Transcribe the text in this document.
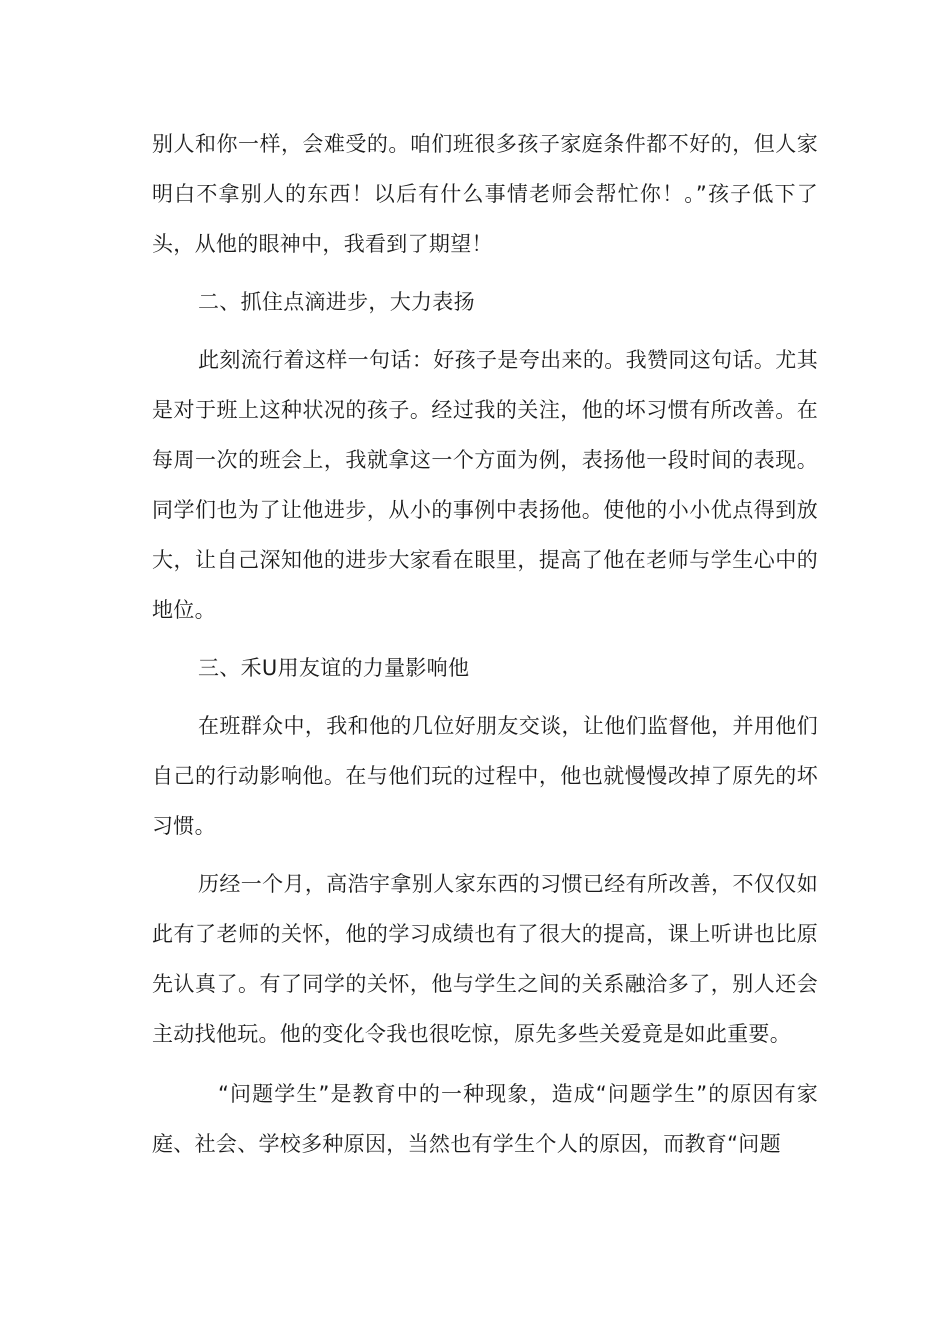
别人和你一样，会难受的。咱们班很多孩子家庭条件都不好的，但人家明白不拿别人的东西！以后有什么事情老师会帮忙你！。”孩子低下了头，从他的眼神中，我看到了期望！

二、抓住点滴进步，大力表扬

此刻流行着这样一句话：好孩子是夸出来的。我赞同这句话。尤其是对于班上这种状况的孩子。经过我的关注，他的坏习惯有所改善。在每周一次的班会上，我就拿这一个方面为例，表扬他一段时间的表现。同学们也为了让他进步，从小的事例中表扬他。使他的小小优点得到放大，让自己深知他的进步大家看在眼里，提高了他在老师与学生心中的地位。

三、禾U用友谊的力量影响他

在班群众中，我和他的几位好朋友交谈，让他们监督他，并用他们自己的行动影响他。在与他们玩的过程中，他也就慢慢改掉了原先的坏习惯。

历经一个月，高浩宇拿别人家东西的习惯已经有所改善，不仅仅如此有了老师的关怀，他的学习成绩也有了很大的提高，课上听讲也比原先认真了。有了同学的关怀，他与学生之间的关系融洽多了，别人还会主动找他玩。他的变化令我也很吃惊，原先多些关爱竟是如此重要。

“问题学生”是教育中的一种现象，造成“问题学生”的原因有家庭、社会、学校多种原因，当然也有学生个人的原因，而教育“问题
